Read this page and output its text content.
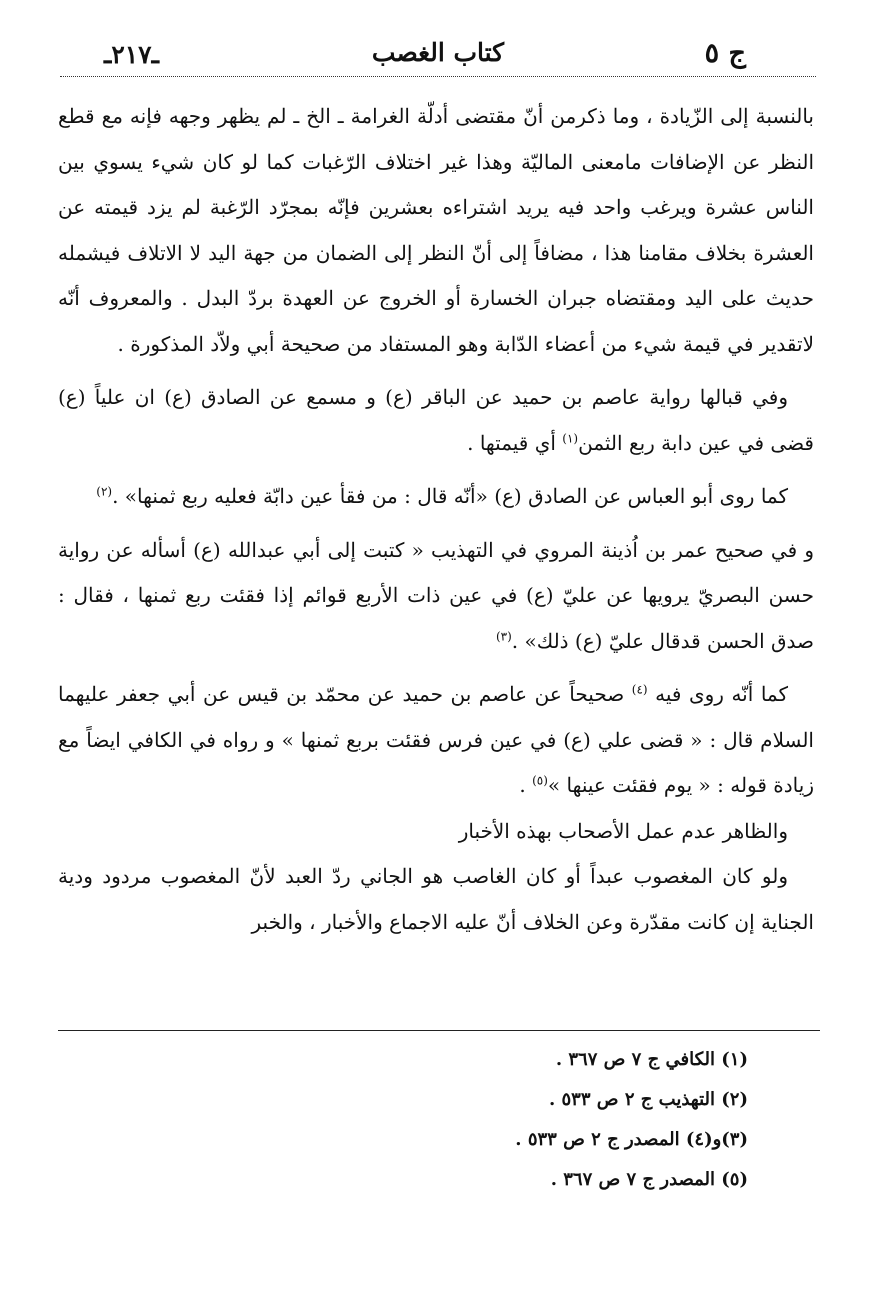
ج ٥
كتاب الغصب
ـ٢١٧ـ

بالنسبة إلى الزّيادة ، وما ذكرمن أنّ مقتضى أدلّة الغرامة ـ الخ ـ لم يظهر وجهه فإنه مع قطع النظر عن الإضافات مامعنى الماليّة وهذا غير اختلاف الرّغبات كما لو كان شيء يسوي بين الناس عشرة ويرغب واحد فيه يريد اشتراءه بعشرين فإنّه بمجرّد الرّغبة لم يزد قيمته عن العشرة بخلاف مقامنا هذا ، مضافاً إلى أنّ النظر إلى الضمان من جهة اليد لا الاتلاف فيشمله حديث على اليد ومقتضاه جبران الخسارة أو الخروج عن العهدة بردّ البدل . والمعروف أنّه لاتقدير في قيمة شيء من أعضاء الدّابة وهو المستفاد من صحيحة أبي ولاّد المذكورة .

وفي قبالها رواية عاصم بن حميد عن الباقر (ع) و مسمع عن الصادق (ع) ان علياً (ع) قضى في عين دابة ربع الثمن$^{(١)}$ أي قيمتها .

كما روى أبو العباس عن الصادق (ع) «أنّه قال : من فقأ عين دابّة فعليه ربع ثمنها» .$^{(٢)}$

و في صحيح عمر بن اُذينة المروي في التهذيب « كتبت إلى أبي عبدالله (ع) أسأله عن رواية حسن البصريّ يرويها عن عليّ (ع) في عين ذات الأربع قوائم إذا فقئت ربع ثمنها ، فقال : صدق الحسن قدقال عليّ (ع) ذلك» .$^{(٣)}$

كما أنّه روى فيه $^{(٤)}$ صحيحاً عن عاصم بن حميد عن محمّد بن قيس عن أبي جعفر عليهما السلام قال : « قضى علي (ع) في عين فرس فقئت بربع ثمنها » و رواه في الكافي ايضاً مع زيادة قوله : « يوم فقئت عينها »$^{(٥)}$ .

والظاهر عدم عمل الأصحاب بهذه الأخبار

ولو كان المغصوب عبداً أو كان الغاصب هو الجاني ردّ العبد لأنّ المغصوب مردود ودية الجناية إن كانت مقدّرة وعن الخلاف أنّ عليه الاجماع والأخبار ، والخبر

(١) الكافي ج ٧ ص ٣٦٧ .
(٢) التهذيب ج ٢ ص ٥٣٣ .
(٣)و(٤) المصدر ج ٢ ص ٥٣٣ .
(٥) المصدر ج ٧ ص ٣٦٧ .
